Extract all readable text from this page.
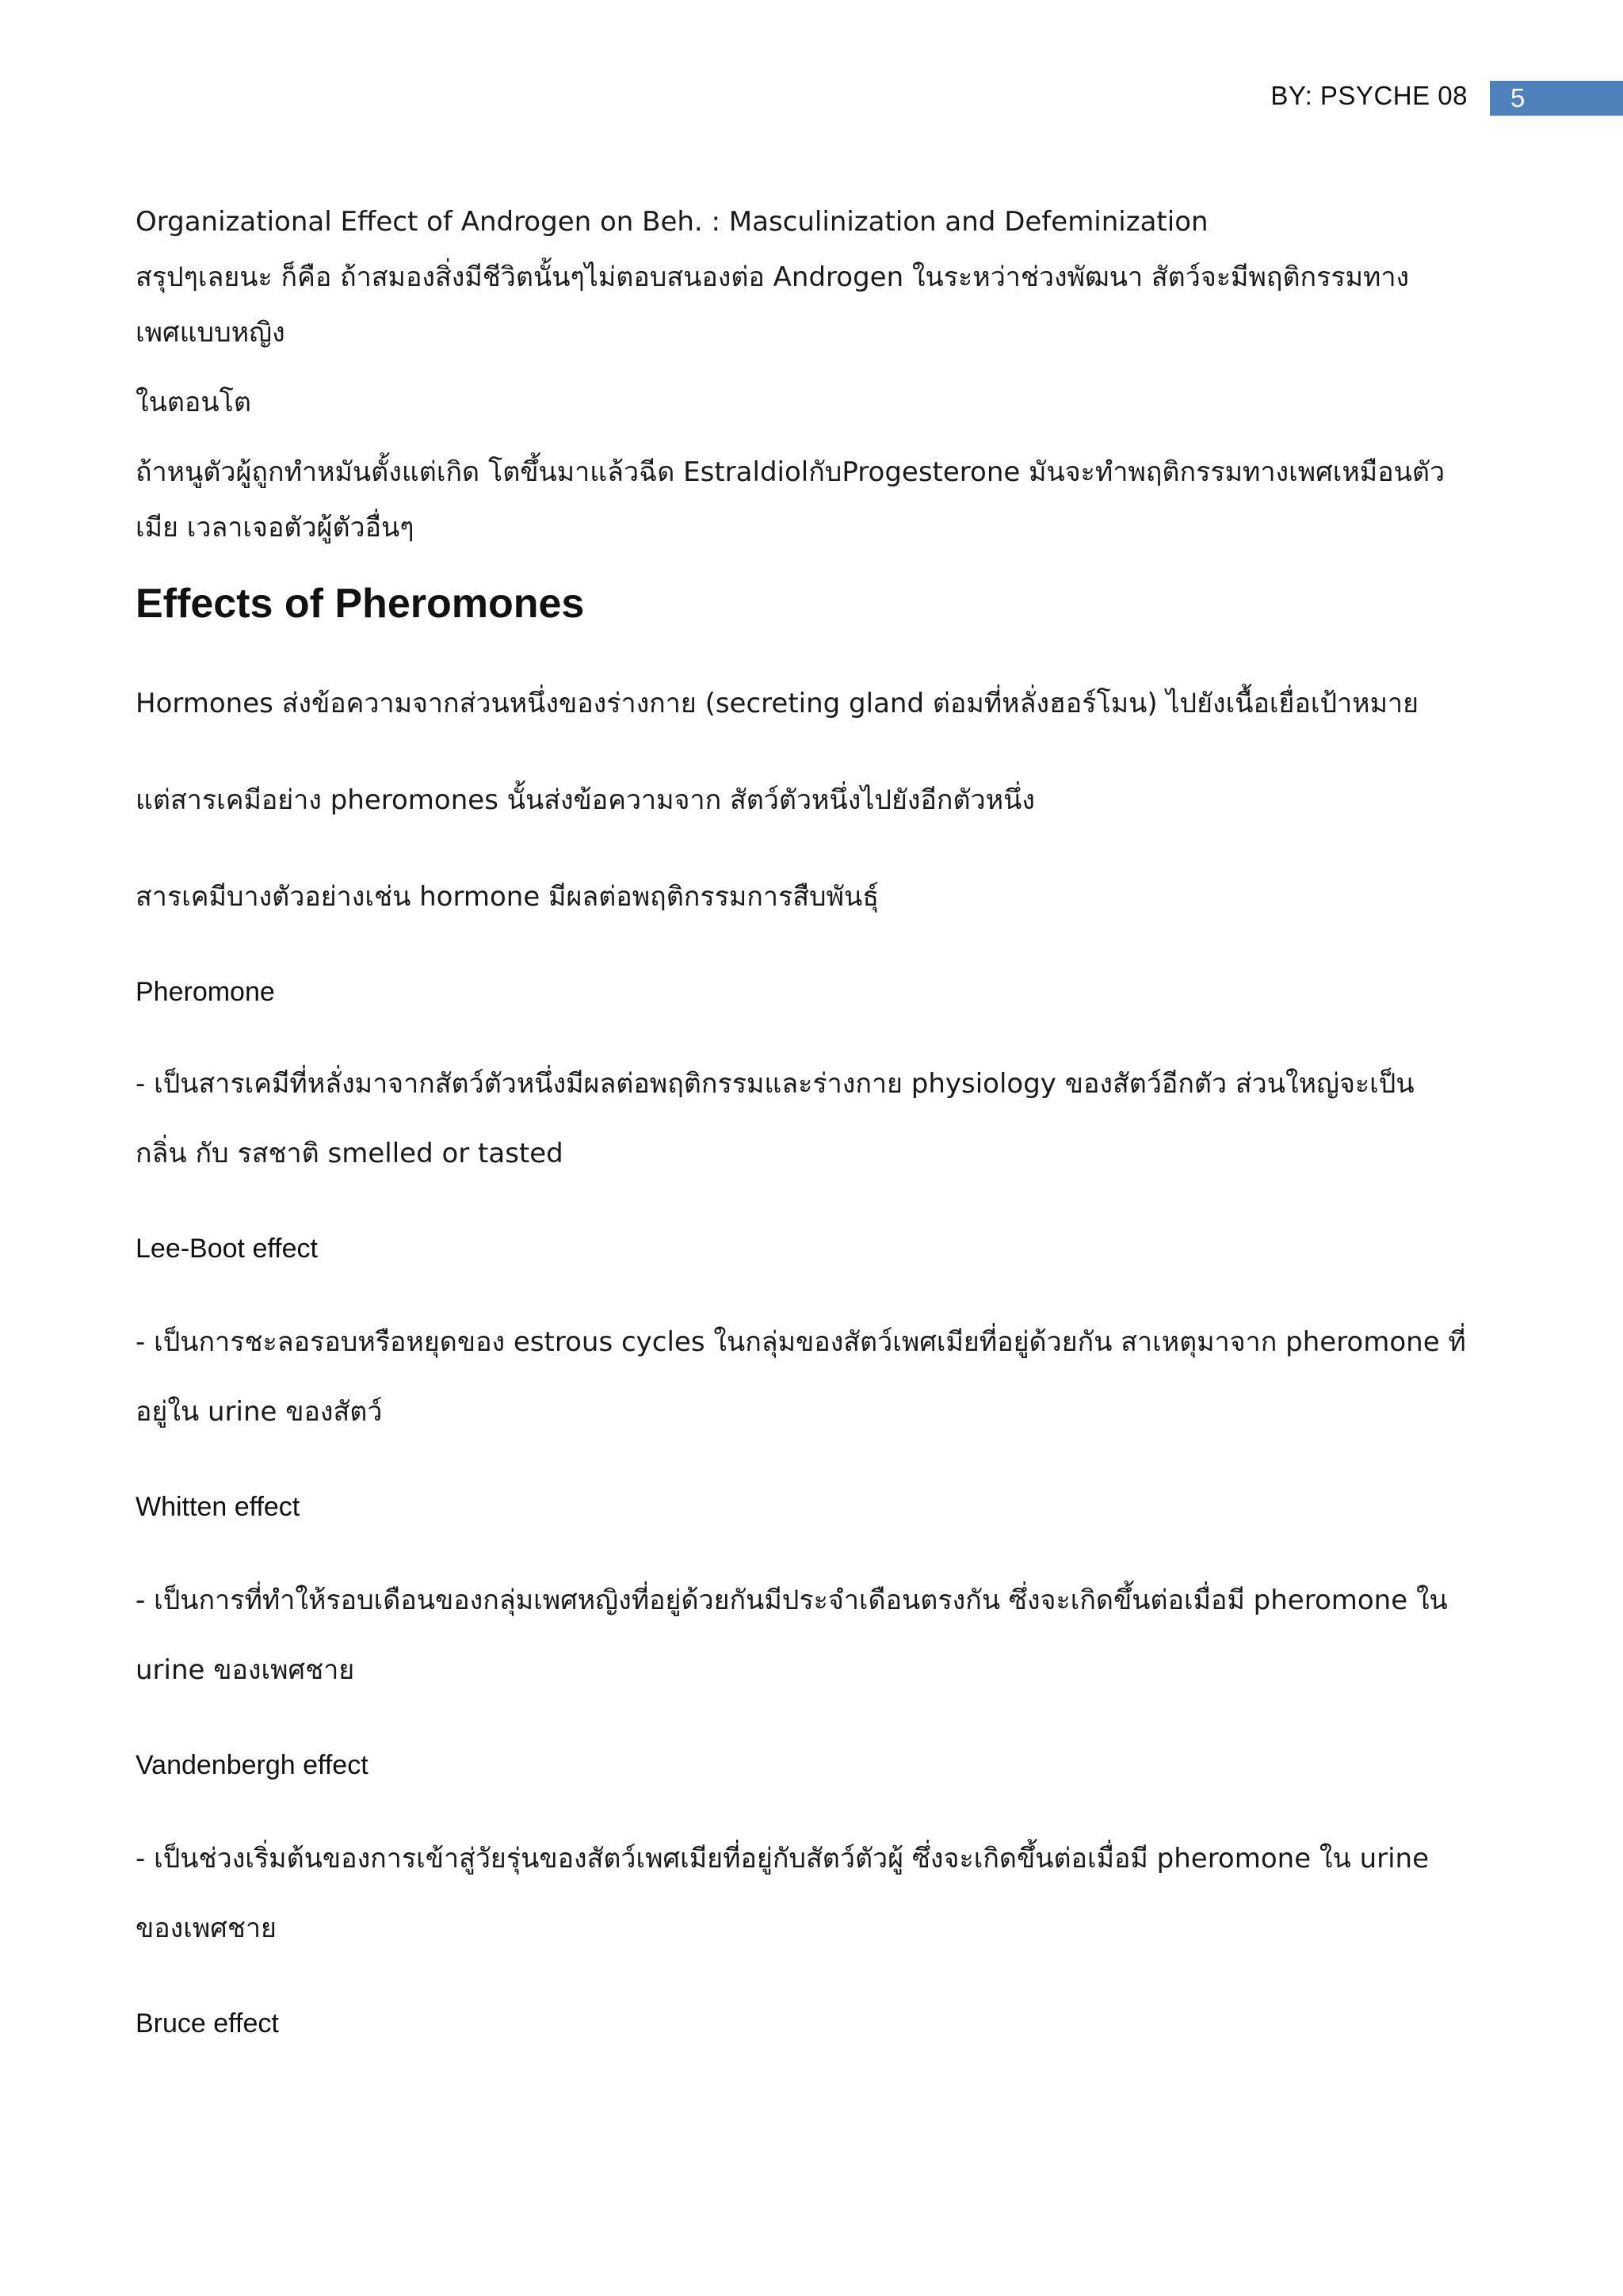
BY: PSYCHE 08	5

Organizational Effect of Androgen on Beh. : Masculinization and Defeminization

สรุปๆเลยนะ ก็คือ ถ้าสมองสิ่งมีชีวิตนั้นๆไม่ตอบสนองต่อ Androgen ในระหว่าช่วงพัฒนา สัตว์จะมีพฤติกรรมทาง

เพศแบบหญิง

ในตอนโต

ถ้าหนูตัวผู้ถูกทำหมันตั้งแต่เกิด โตขึ้นมาแล้วฉีด EstraldiolกับProgesterone มันจะทำพฤติกรรมทางเพศเหมือนตัว

เมีย เวลาเจอตัวผู้ตัวอื่นๆ

Effects of Pheromones

Hormones ส่งข้อความจากส่วนหนึ่งของร่างกาย (secreting gland ต่อมที่หลั่งฮอร์โมน) ไปยังเนื้อเยื่อเป้าหมาย

แต่สารเคมีอย่าง pheromones นั้นส่งข้อความจาก สัตว์ตัวหนึ่งไปยังอีกตัวหนึ่ง

สารเคมีบางตัวอย่างเช่น hormone มีผลต่อพฤติกรรมการสืบพันธุ์

Pheromone

- เป็นสารเคมีที่หลั่งมาจากสัตว์ตัวหนึ่งมีผลต่อพฤติกรรมและร่างกาย physiology ของสัตว์อีกตัว ส่วนใหญ่จะเป็น

กลิ่น กับ รสชาติ smelled or tasted

Lee-Boot effect

- เป็นการชะลอรอบหรือหยุดของ estrous cycles ในกลุ่มของสัตว์เพศเมียที่อยู่ด้วยกัน สาเหตุมาจาก pheromone ที่

อยู่ใน urine ของสัตว์

Whitten effect

- เป็นการที่ทำให้รอบเดือนของกลุ่มเพศหญิงที่อยู่ด้วยกันมีประจำเดือนตรงกัน ซึ่งจะเกิดขึ้นต่อเมื่อมี pheromone ใน

urine ของเพศชาย

Vandenbergh effect

- เป็นช่วงเริ่มต้นของการเข้าสู่วัยรุ่นของสัตว์เพศเมียที่อยู่กับสัตว์ตัวผู้ ซึ่งจะเกิดขึ้นต่อเมื่อมี pheromone ใน urine

ของเพศชาย

Bruce effect
